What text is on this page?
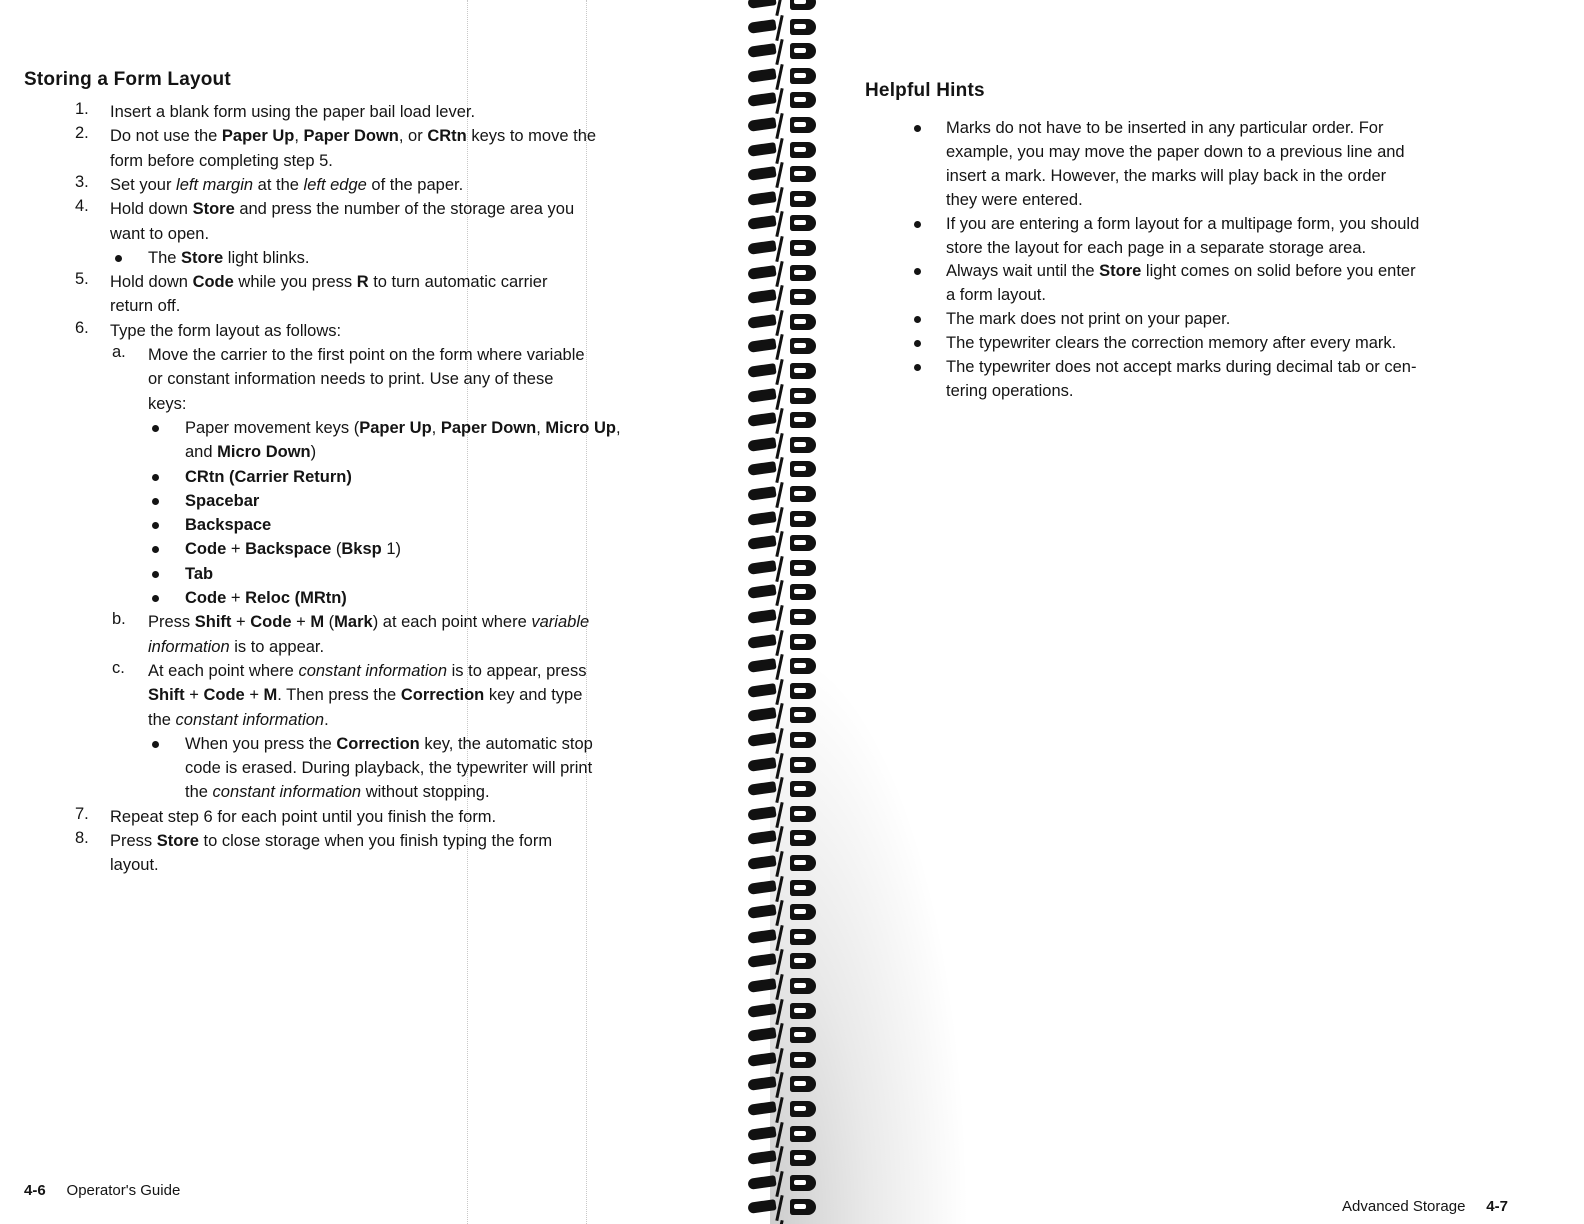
Storing a Form Layout
1. Insert a blank form using the paper bail load lever.
2. Do not use the Paper Up, Paper Down, or CRtn keys to move the
form before completing step 5.
3. Set your left margin at the left edge of the paper.
4. Hold down Store and press the number of the storage area you
want to open.
The Store light blinks.
5. Hold down Code while you press R to turn automatic carrier
return off.
6. Type the form layout as follows:
a. Move the carrier to the first point on the form where variable
or constant information needs to print. Use any of these
keys:
Paper movement keys (Paper Up, Paper Down, Micro Up,
and Micro Down)
CRtn (Carrier Return)
Spacebar
Backspace
Code + Backspace (Bksp 1)
Tab
Code + Reloc (MRtn)
b. Press Shift + Code + M (Mark) at each point where variable
information is to appear.
c. At each point where constant information is to appear, press
Shift + Code + M. Then press the Correction key and type
the constant information.
When you press the Correction key, the automatic stop
code is erased. During playback, the typewriter will print
the constant information without stopping.
7. Repeat step 6 for each point until you finish the form.
8. Press Store to close storage when you finish typing the form
layout.
4-6 Operator's Guide
Helpful Hints
Marks do not have to be inserted in any particular order. For
example, you may move the paper down to a previous line and
insert a mark. However, the marks will play back in the order
they were entered.
If you are entering a form layout for a multipage form, you should
store the layout for each page in a separate storage area.
Always wait until the Store light comes on solid before you enter
a form layout.
The mark does not print on your paper.
The typewriter clears the correction memory after every mark.
The typewriter does not accept marks during decimal tab or cen-
tering operations.
Advanced Storage 4-7
